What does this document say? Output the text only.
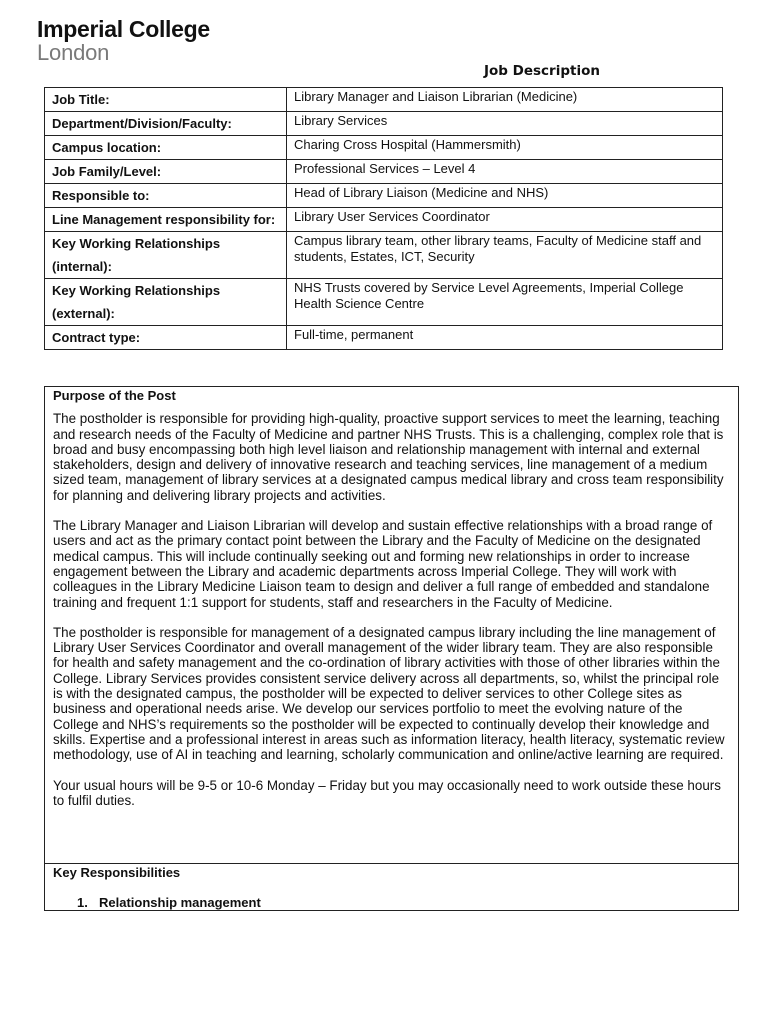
Imperial College
London
Job Description
Job Title:	Library Manager and Liaison Librarian (Medicine)
Department/Division/Faculty:	Library Services
Campus location:	Charing Cross Hospital (Hammersmith)
Job Family/Level:	Professional Services – Level 4
Responsible to:	Head of Library Liaison (Medicine and NHS)
Line Management responsibility for:	Library User Services Coordinator
Key Working Relationships (internal):	Campus library team, other library teams, Faculty of Medicine staff and students, Estates, ICT, Security
Key Working Relationships (external):	NHS Trusts covered by Service Level Agreements, Imperial College Health Science Centre
Contract type:	Full-time, permanent
Purpose of the Post

The postholder is responsible for providing high-quality, proactive support services to meet the learning, teaching and research needs of the Faculty of Medicine and partner NHS Trusts. This is a challenging, complex role that is broad and busy encompassing both high level liaison and relationship management with internal and external stakeholders, design and delivery of innovative research and teaching services, line management of a medium sized team, management of library services at a designated campus medical library and cross team responsibility for planning and delivering library projects and activities.

The Library Manager and Liaison Librarian will develop and sustain effective relationships with a broad range of users and act as the primary contact point between the Library and the Faculty of Medicine on the designated medical campus. This will include continually seeking out and forming new relationships in order to increase engagement between the Library and academic departments across Imperial College. They will work with colleagues in the Library Medicine Liaison team to design and deliver a full range of embedded and standalone training and frequent 1:1 support for students, staff and researchers in the Faculty of Medicine.

The postholder is responsible for management of a designated campus library including the line management of Library User Services Coordinator and overall management of the wider library team. They are also responsible for health and safety management and the co-ordination of library activities with those of other libraries within the College. Library Services provides consistent service delivery across all departments, so, whilst the principal role is with the designated campus, the postholder will be expected to deliver services to other College sites as business and operational needs arise. We develop our services portfolio to meet the evolving nature of the College and NHS’s requirements so the postholder will be expected to continually develop their knowledge and skills. Expertise and a professional interest in areas such as information literacy, health literacy, systematic review methodology, use of AI in teaching and learning, scholarly communication and online/active learning are required.

Your usual hours will be 9-5 or 10-6 Monday – Friday but you may occasionally need to work outside these hours to fulfil duties.

Key Responsibilities
1. Relationship management
